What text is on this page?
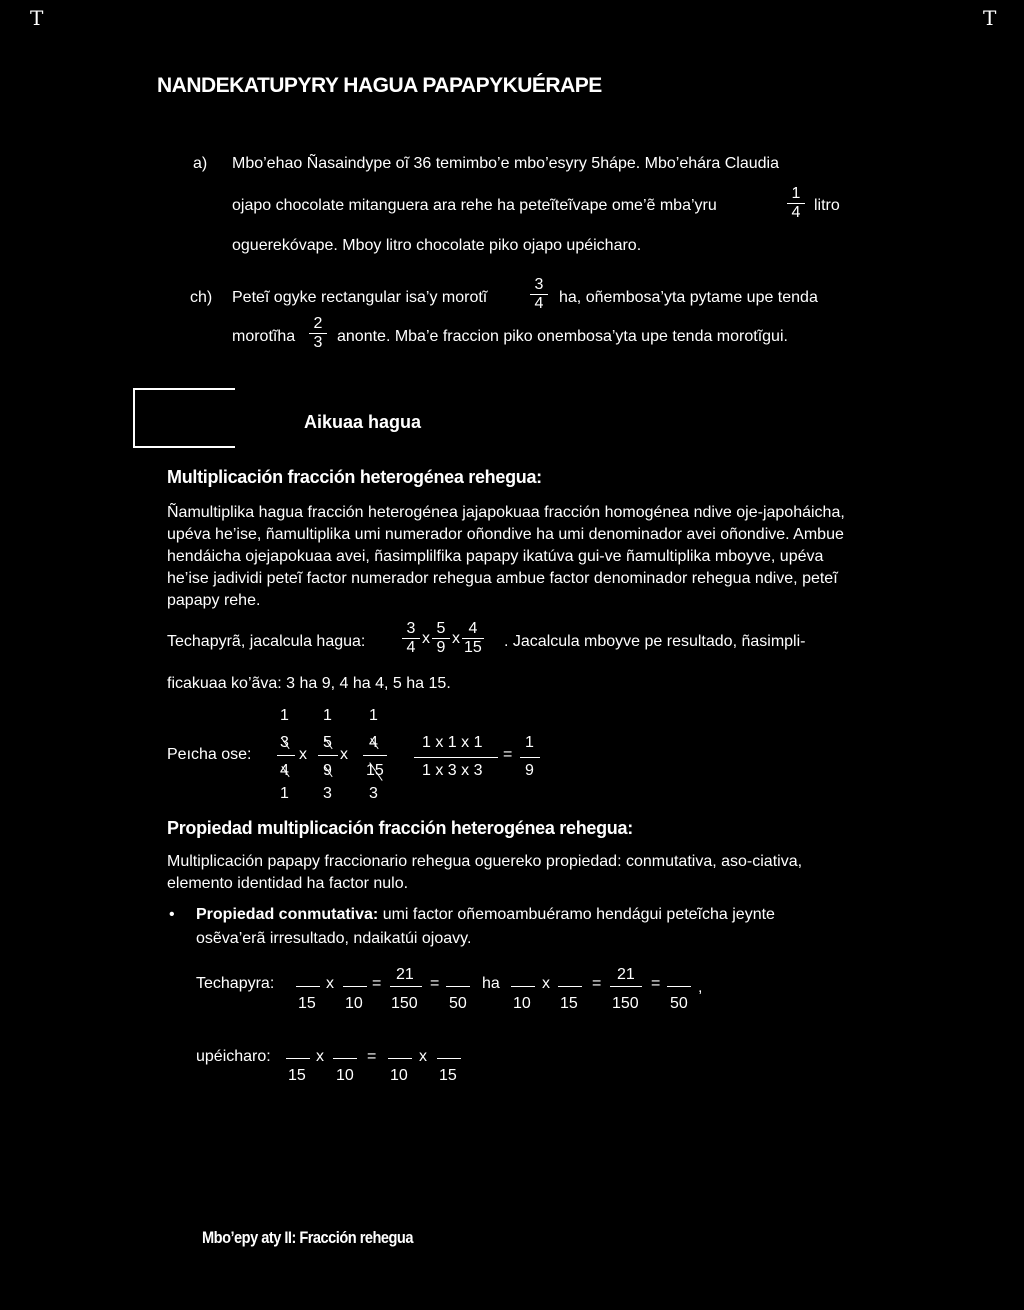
T	T
NANDEKATUPYRY HAGUA PAPAPYKUÉRAPE
a) Mbo’ehao Ñasaindype oĩ 36 temimbo’e mbo’esyry 5hápe. Mbo’ehára Claudia
ojapo chocolate mitanguera ara rehe ha peteĩteĩvape ome’ẽ mba’yru	$\frac{1}{4}$ litro
oguerekóvape. Mboy litro chocolate piko ojapo upéicharo.
ch) Peteĩ ogyke rectangular isa’y morotĩ	$\frac{3}{4}$ ha, oñembosa’yta pytame upe tenda
morotĩha $\frac{2}{3}$ anonte. Mba’e fraccion piko onembosa’yta upe tenda morotĩgui.
Aikuaa hagua
Multiplicación fracción heterogénea rehegua:
Ñamultiplika hagua fracción heterogénea jajapokuaa fracción homogénea ndive oje-japoháicha, upéva he’ise, ñamultiplika umi numerador oñondive ha umi denominador avei oñondive. Ambue hendáicha ojejapokuaa avei, ñasimplilfika papapy ikatúva gui-ve ñamultiplika mboyve, upéva he’ise jadividi peteĩ factor numerador rehegua ambue factor denominador rehegua ndive, peteĩ papapy rehe.
Techapyrã, jacalcula hagua: $\frac{3}{4}$ x $\frac{5}{9}$ x $\frac{4}{15}$ . Jacalcula mboyve pe resultado, ñasimpli-
ficakuaa ko’ãva: 3 ha 9, 4 ha 4, 5 ha 15.
Peıcha ose:
1 1 1
3 5 4
x x
4 9 15
1 3 3
1 x 1 x 1
1 x 3 x 3
=
1
9
Propiedad multiplicación fracción heterogénea rehegua:
Multiplicación papapy fraccionario rehegua oguereko propiedad: conmutativa, aso-ciativa, elemento identidad ha factor nulo.
• Propiedad conmutativa: umi factor oñemoambuéramo hendágui peteĩcha jeynte
osẽva’erã irresultado, ndaikatúi ojoavy.
Techapyra:
15
x
10
=
21
150
=
50
ha
10
x
15
=
21
150
=
50
,
upéicharo:
15
x
10
=
10
x
15
Mbo’epy aty II: Fracción rehegua
